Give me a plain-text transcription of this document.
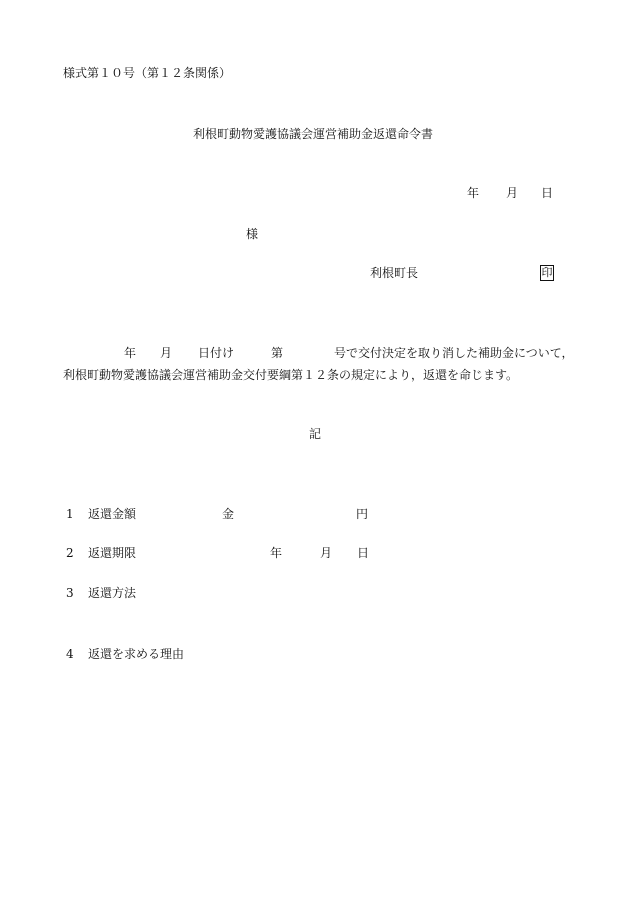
様式第１０号（第１２条関係）
利根町動物愛護協議会運営補助金返還命令書
年 月 日
様
利根町長	印
年 月 日付け	第	号で交付決定を取り消した補助金について，
利根町動物愛護協議会運営補助金交付要綱第１２条の規定により，返還を命じます。
記
1 返還金額	金	円
2 返還期限	年	月 日
3 返還方法
4 返還を求める理由
